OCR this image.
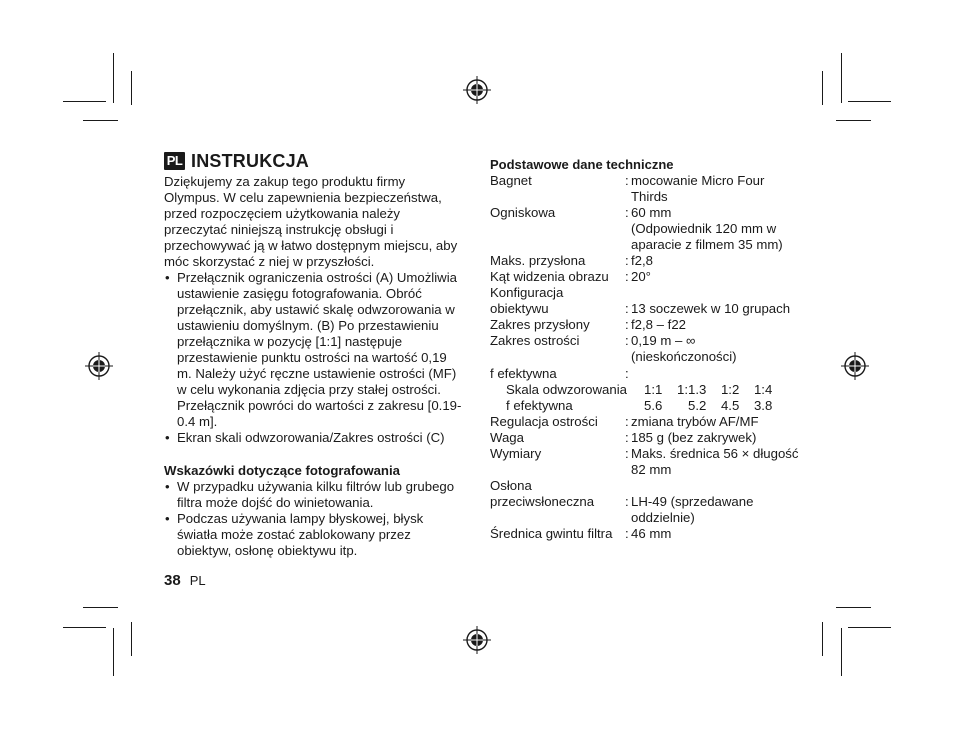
PL INSTRUKCJA

Dziękujemy za zakup tego produktu firmy Olympus. W celu zapewnienia bezpieczeństwa, przed rozpoczęciem użytkowania należy przeczytać niniejszą instrukcję obsługi i przechowywać ją w łatwo dostępnym miejscu, aby móc skorzystać z niej w przyszłości.

• Przełącznik ograniczenia ostrości (A) Umożliwia ustawienie zasięgu fotografowania. Obróć przełącznik, aby ustawić skalę odwzorowania w ustawieniu domyślnym. (B) Po przestawieniu przełącznika w pozycję [1:1] następuje przestawienie punktu ostrości na wartość 0,19 m. Należy użyć ręczne ustawienie ostrości (MF) w celu wykonania zdjęcia przy stałej ostrości. Przełącznik powróci do wartości z zakresu [0.19-0.4 m].
• Ekran skali odwzorowania/Zakres ostrości (C)
Wskazówki dotyczące fotografowania
• W przypadku używania kilku filtrów lub grubego filtra może dojść do winietowania.
• Podczas używania lampy błyskowej, błysk światła może zostać zablokowany przez obiektyw, osłonę obiektywu itp.
38 PL
Podstawowe dane techniczne
Bagnet	: mocowanie Micro Four Thirds
Ogniskowa	: 60 mm
(Odpowiednik 120 mm w aparacie z filmem 35 mm)
Maks. przysłona	: f2,8
Kąt widzenia obrazu	: 20°
Konfiguracja
obiektywu	: 13 soczewek w 10 grupach
Zakres przysłony	: f2,8 – f22
Zakres ostrości	: 0,19 m – ∞
(nieskończoności)
f efektywna	:
Skala odwzorowania 1:1    1:1.3    1:2    1:4
f efektywna	5.6       5.2    4.5    3.8
Regulacja ostrości	: zmiana trybów AF/MF
Waga	: 185 g (bez zakrywek)
Wymiary	: Maks. średnica 56 × długość 82 mm
Osłona
przeciwsłoneczna	: LH-49 (sprzedawane oddzielnie)
Średnica gwintu filtra : 46 mm
